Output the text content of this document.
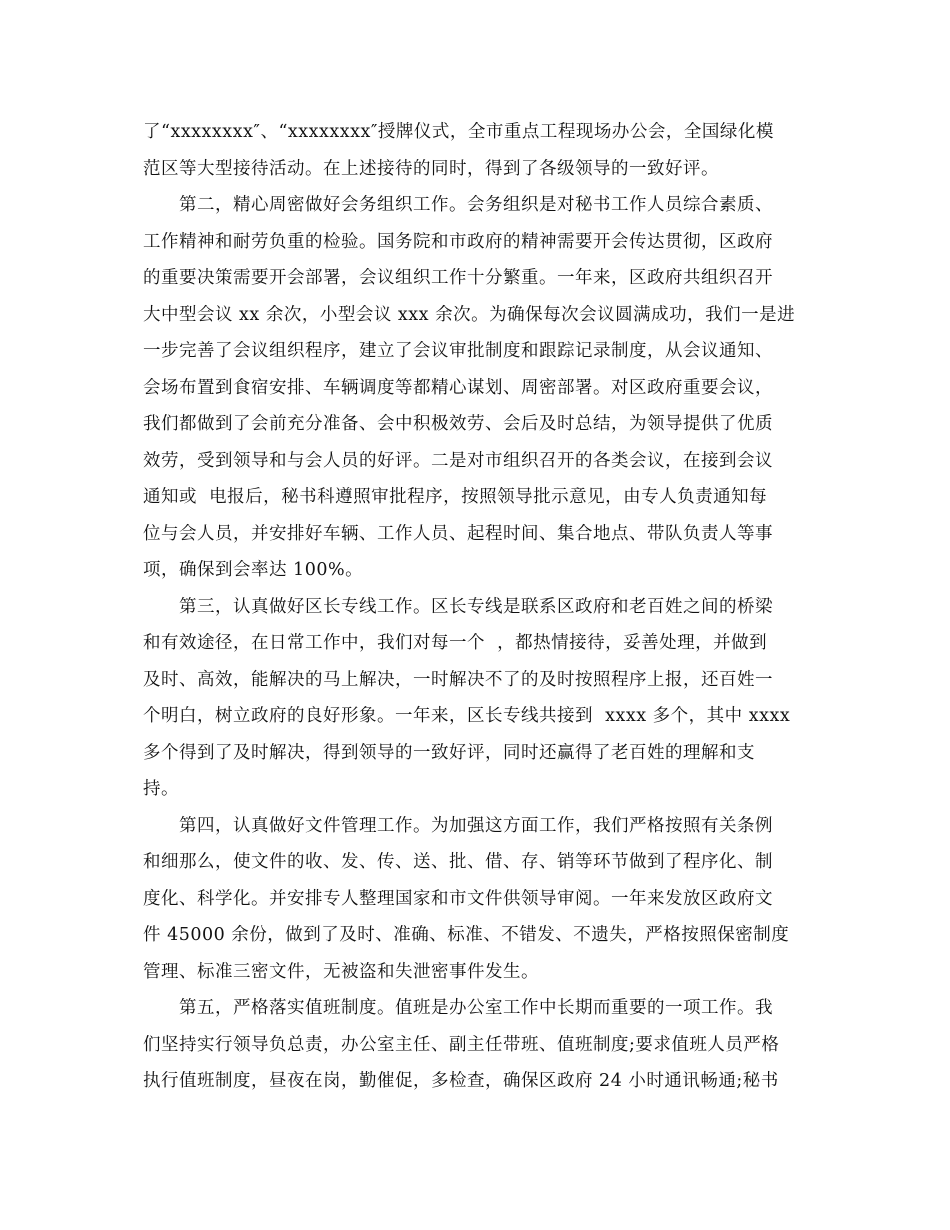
了“xxxxxxxx″、“xxxxxxxx″授牌仪式，全市重点工程现场办公会，全国绿化模
范区等大型接待活动。在上述接待的同时，得到了各级领导的一致好评。
第二，精心周密做好会务组织工作。会务组织是对秘书工作人员综合素质、
工作精神和耐劳负重的检验。国务院和市政府的精神需要开会传达贯彻，区政府
的重要决策需要开会部署，会议组织工作十分繁重。一年来，区政府共组织召开
大中型会议 xx 余次，小型会议 xxx 余次。为确保每次会议圆满成功，我们一是进
一步完善了会议组织程序，建立了会议审批制度和跟踪记录制度，从会议通知、
会场布置到食宿安排、车辆调度等都精心谋划、周密部署。对区政府重要会议，
我们都做到了会前充分准备、会中积极效劳、会后及时总结，为领导提供了优质
效劳，受到领导和与会人员的好评。二是对市组织召开的各类会议，在接到会议
通知或  电报后，秘书科遵照审批程序，按照领导批示意见，由专人负责通知每
位与会人员，并安排好车辆、工作人员、起程时间、集合地点、带队负责人等事
项，确保到会率达 100%。
第三，认真做好区长专线工作。区长专线是联系区政府和老百姓之间的桥梁
和有效途径，在日常工作中，我们对每一个  ，都热情接待，妥善处理，并做到
及时、高效，能解决的马上解决，一时解决不了的及时按照程序上报，还百姓一
个明白，树立政府的良好形象。一年来，区长专线共接到  xxxx 多个，其中 xxxx
多个得到了及时解决，得到领导的一致好评，同时还赢得了老百姓的理解和支
持。
第四，认真做好文件管理工作。为加强这方面工作，我们严格按照有关条例
和细那么，使文件的收、发、传、送、批、借、存、销等环节做到了程序化、制
度化、科学化。并安排专人整理国家和市文件供领导审阅。一年来发放区政府文
件 45000 余份，做到了及时、准确、标准、不错发、不遗失，严格按照保密制度
管理、标准三密文件，无被盗和失泄密事件发生。
第五，严格落实值班制度。值班是办公室工作中长期而重要的一项工作。我
们坚持实行领导负总责，办公室主任、副主任带班、值班制度;要求值班人员严格
执行值班制度，昼夜在岗，勤催促，多检查，确保区政府 24 小时通讯畅通;秘书
